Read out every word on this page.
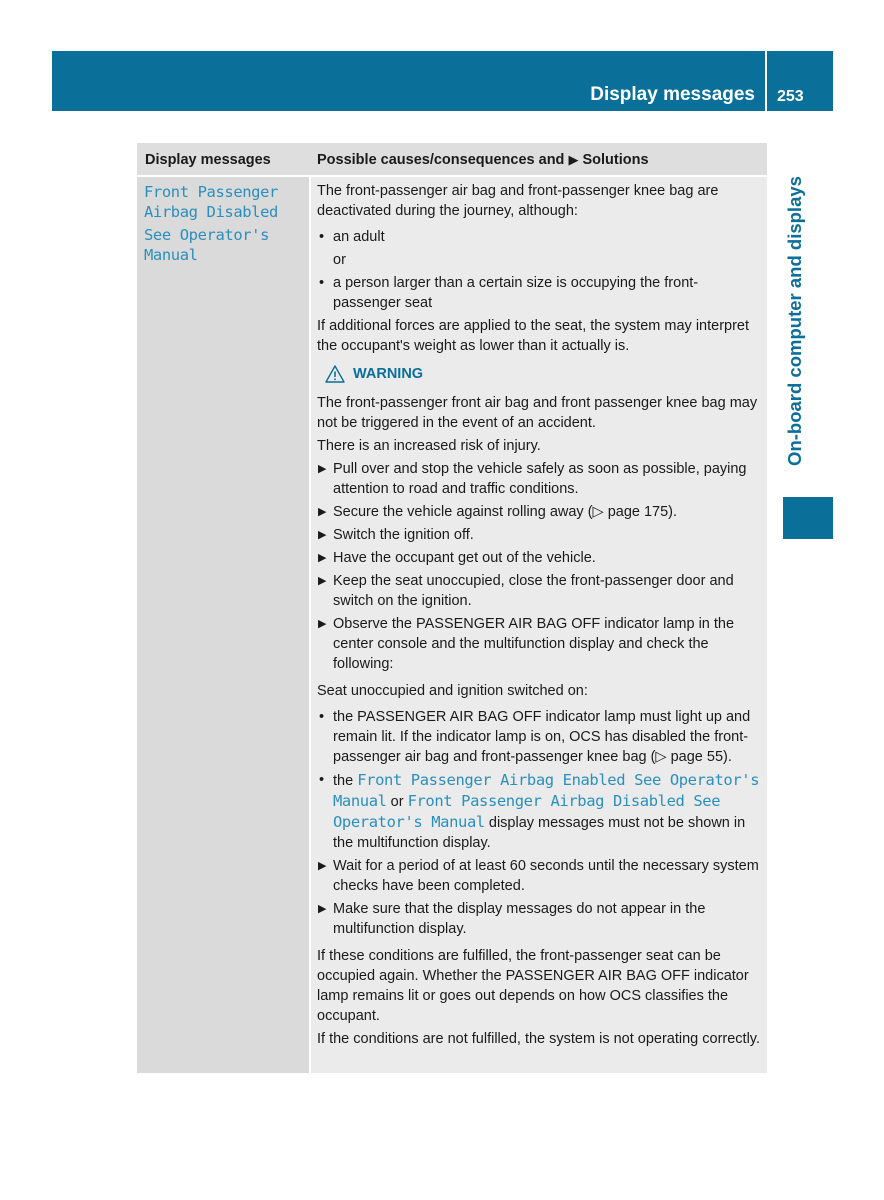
Display messages 253
On-board computer and displays
Display messages	Possible causes/consequences and ▶ Solutions
Front Passenger
Airbag Disabled
See Operator's
Manual

The front-passenger air bag and front-passenger knee bag are deactivated during the journey, although:

• an adult
or
• a person larger than a certain size is occupying the front-passenger seat

If additional forces are applied to the seat, the system may interpret the occupant's weight as lower than it actually is.

WARNING

The front-passenger front air bag and front passenger knee bag may not be triggered in the event of an accident.

There is an increased risk of injury.

▶ Pull over and stop the vehicle safely as soon as possible, paying attention to road and traffic conditions.
▶ Secure the vehicle against rolling away (▷ page 175).
▶ Switch the ignition off.
▶ Have the occupant get out of the vehicle.
▶ Keep the seat unoccupied, close the front-passenger door and switch on the ignition.
▶ Observe the PASSENGER AIR BAG OFF indicator lamp in the center console and the multifunction display and check the following:

Seat unoccupied and ignition switched on:

• the PASSENGER AIR BAG OFF indicator lamp must light up and remain lit. If the indicator lamp is on, OCS has disabled the front-passenger air bag and front-passenger knee bag (▷ page 55).
• the Front Passenger Airbag Enabled See Operator's Manual or Front Passenger Airbag Disabled See Operator's Manual display messages must not be shown in the multifunction display.
▶ Wait for a period of at least 60 seconds until the necessary system checks have been completed.
▶ Make sure that the display messages do not appear in the multifunction display.

If these conditions are fulfilled, the front-passenger seat can be occupied again. Whether the PASSENGER AIR BAG OFF indicator lamp remains lit or goes out depends on how OCS classifies the occupant.

If the conditions are not fulfilled, the system is not operating correctly.
